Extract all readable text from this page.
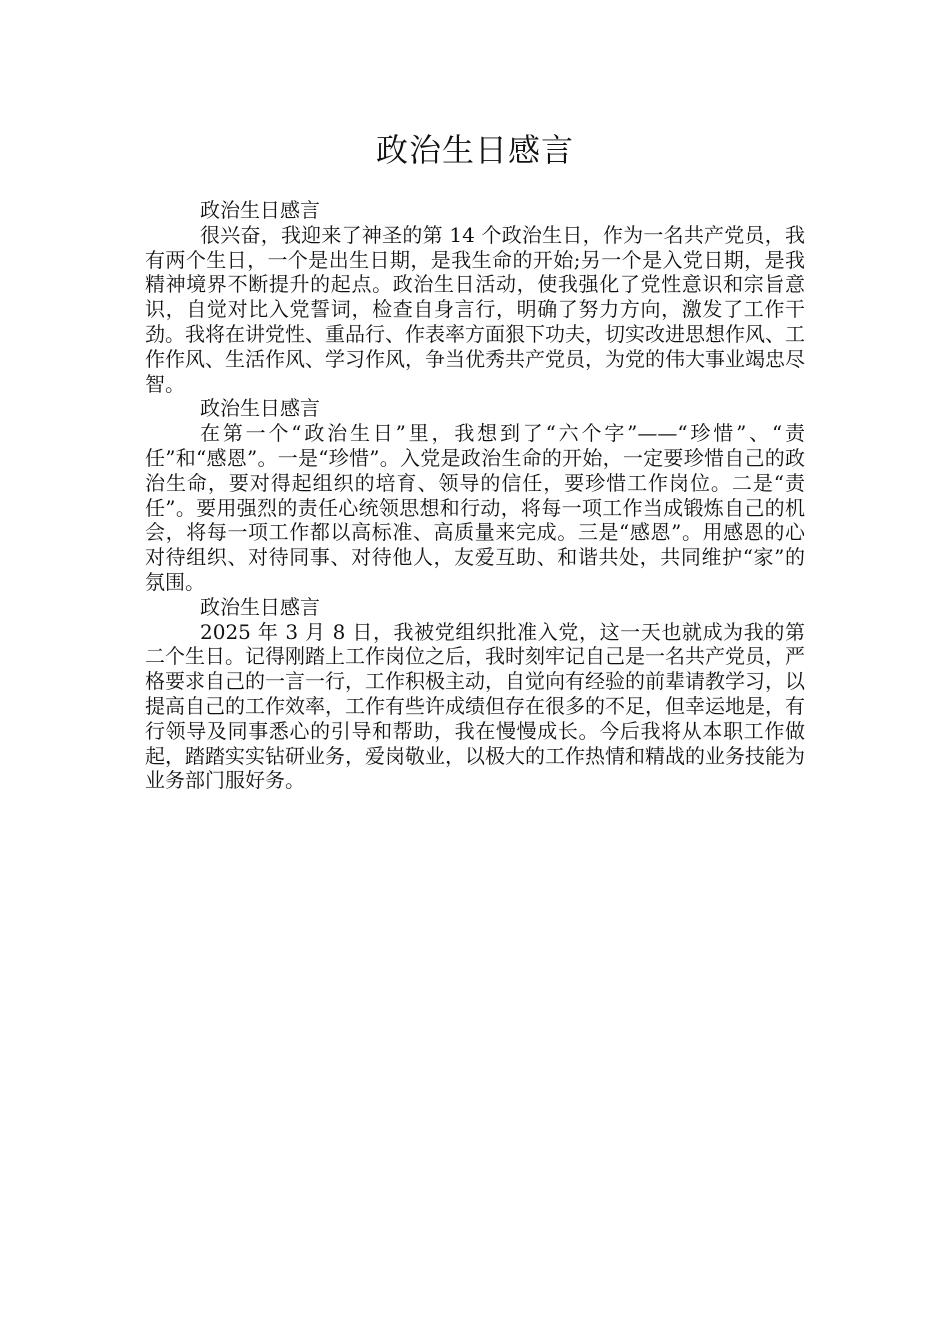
政治生日感言

政治生日感言

很兴奋，我迎来了神圣的第 14 个政治生日，作为一名共产党员，我有两个生日，一个是出生日期，是我生命的开始;另一个是入党日期，是我精神境界不断提升的起点。政治生日活动，使我强化了党性意识和宗旨意识，自觉对比入党誓词，检查自身言行，明确了努力方向，激发了工作干劲。我将在讲党性、重品行、作表率方面狠下功夫，切实改进思想作风、工作作风、生活作风、学习作风，争当优秀共产党员，为党的伟大事业竭忠尽智。

政治生日感言

在第一个“政治生日”里，我想到了“六个字”——“珍惜”、“责任”和“感恩”。一是“珍惜”。入党是政治生命的开始，一定要珍惜自己的政治生命，要对得起组织的培育、领导的信任，要珍惜工作岗位。二是“责任”。要用强烈的责任心统领思想和行动，将每一项工作当成锻炼自己的机会，将每一项工作都以高标准、高质量来完成。三是“感恩”。用感恩的心对待组织、对待同事、对待他人，友爱互助、和谐共处，共同维护“家”的氛围。

政治生日感言

2025 年 3 月 8 日，我被党组织批准入党，这一天也就成为我的第二个生日。记得刚踏上工作岗位之后，我时刻牢记自己是一名共产党员，严格要求自己的一言一行，工作积极主动，自觉向有经验的前辈请教学习，以提高自己的工作效率，工作有些许成绩但存在很多的不足，但幸运地是，有行领导及同事悉心的引导和帮助，我在慢慢成长。今后我将从本职工作做起，踏踏实实钻研业务，爱岗敬业，以极大的工作热情和精战的业务技能为业务部门服好务。
